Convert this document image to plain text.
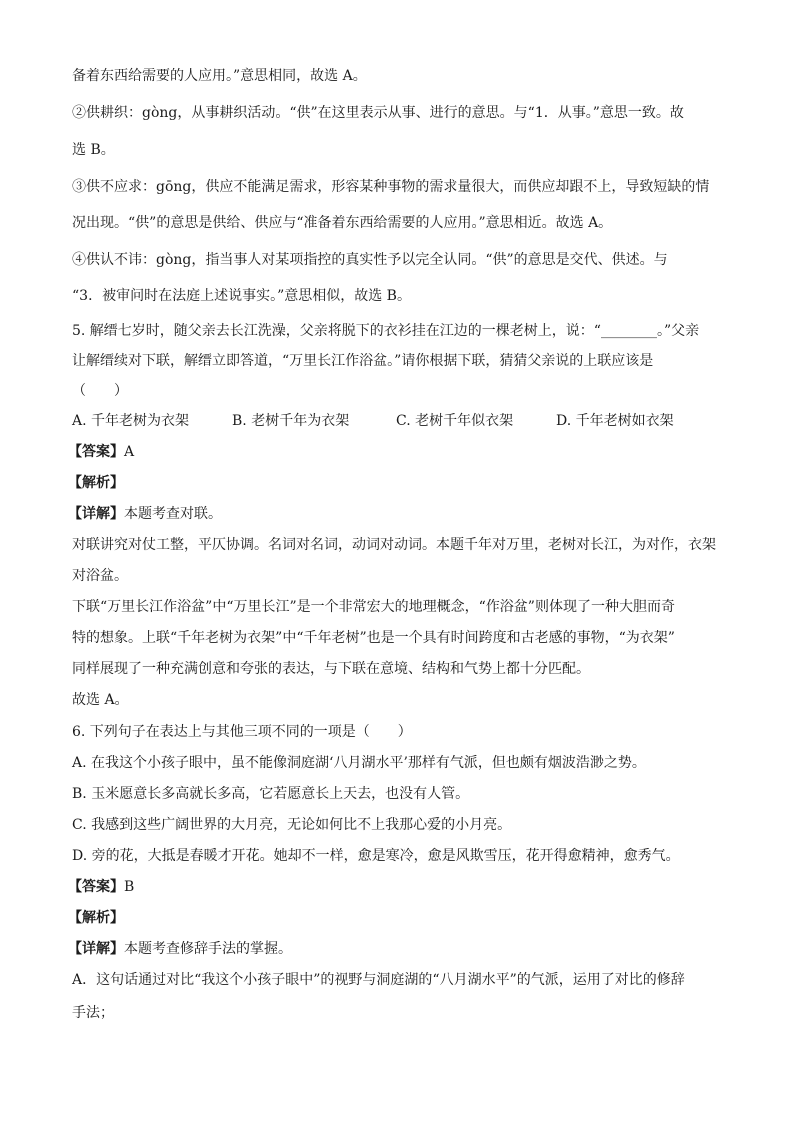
备着东西给需要的人应用。”意思相同，故选 A。
②供耕织：gòng，从事耕织活动。“供”在这里表示从事、进行的意思。与“1．从事。”意思一致。故
选 B。
③供不应求：gōng，供应不能满足需求，形容某种事物的需求量很大，而供应却跟不上，导致短缺的情
况出现。“供”的意思是供给、供应与“准备着东西给需要的人应用。”意思相近。故选 A。
④供认不讳：gòng，指当事人对某项指控的真实性予以完全认同。“供”的意思是交代、供述。与
“3．被审问时在法庭上述说事实。”意思相似，故选 B。
5. 解缙七岁时，随父亲去长江洗澡，父亲将脱下的衣衫挂在江边的一棵老树上，说：“________。”父亲
让解缙续对下联，解缙立即答道，“万里长江作浴盆。”请你根据下联，猜猜父亲说的上联应该是
（　　）
A. 千年老树为衣架	B. 老树千年为衣架	C. 老树千年似衣架	D. 千年老树如衣架
【答案】A
【解析】
【详解】本题考查对联。
对联讲究对仗工整，平仄协调。名词对名词，动词对动词。本题千年对万里，老树对长江，为对作，衣架
对浴盆。
下联“万里长江作浴盆”中“万里长江”是一个非常宏大的地理概念，“作浴盆”则体现了一种大胆而奇
特的想象。上联“千年老树为衣架”中“千年老树”也是一个具有时间跨度和古老感的事物，“为衣架”
同样展现了一种充满创意和夸张的表达，与下联在意境、结构和气势上都十分匹配。
故选 A。
6. 下列句子在表达上与其他三项不同的一项是（　　）
A. 在我这个小孩子眼中，虽不能像洞庭湖‘八月湖水平’那样有气派，但也颇有烟波浩渺之势。
B. 玉米愿意长多高就长多高，它若愿意长上天去，也没有人管。
C. 我感到这些广阔世界的大月亮，无论如何比不上我那心爱的小月亮。
D. 旁的花，大抵是春暖才开花。她却不一样，愈是寒冷，愈是风欺雪压，花开得愈精神，愈秀气。
【答案】B
【解析】
【详解】本题考查修辞手法的掌握。
A．这句话通过对比“我这个小孩子眼中”的视野与洞庭湖的“八月湖水平”的气派，运用了对比的修辞
手法；
